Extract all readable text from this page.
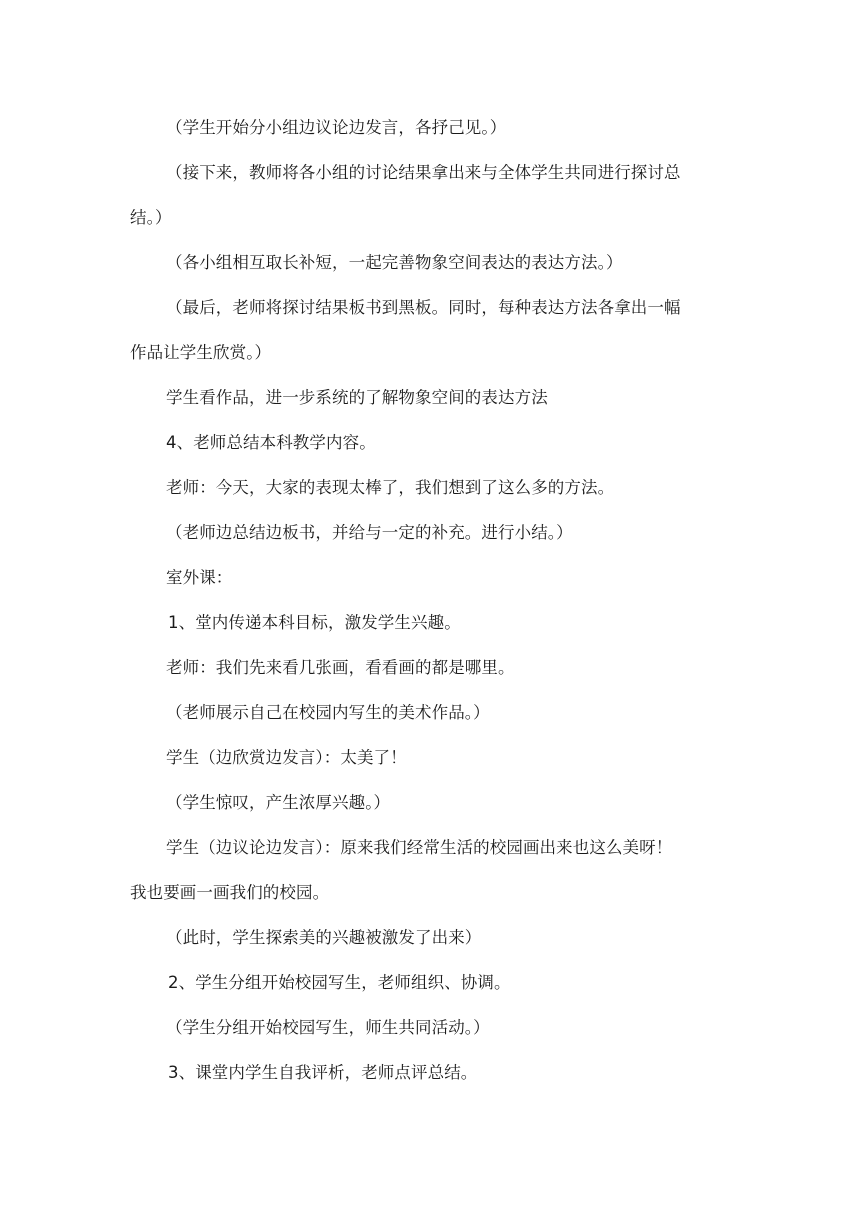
（学生开始分小组边议论边发言，各抒己见。）
（接下来，教师将各小组的讨论结果拿出来与全体学生共同进行探讨总
结。）
（各小组相互取长补短，一起完善物象空间表达的表达方法。）
（最后，老师将探讨结果板书到黑板。同时，每种表达方法各拿出一幅
作品让学生欣赏。）
学生看作品，进一步系统的了解物象空间的表达方法
4、老师总结本科教学内容。
老师：今天，大家的表现太棒了，我们想到了这么多的方法。
（老师边总结边板书，并给与一定的补充。进行小结。）
室外课：
1、堂内传递本科目标，激发学生兴趣。
老师：我们先来看几张画，看看画的都是哪里。
（老师展示自己在校园内写生的美术作品。）
学生（边欣赏边发言）：太美了！
（学生惊叹，产生浓厚兴趣。）
学生（边议论边发言）：原来我们经常生活的校园画出来也这么美呀！
我也要画一画我们的校园。
（此时，学生探索美的兴趣被激发了出来）
2、学生分组开始校园写生，老师组织、协调。
（学生分组开始校园写生，师生共同活动。）
3、课堂内学生自我评析，老师点评总结。
